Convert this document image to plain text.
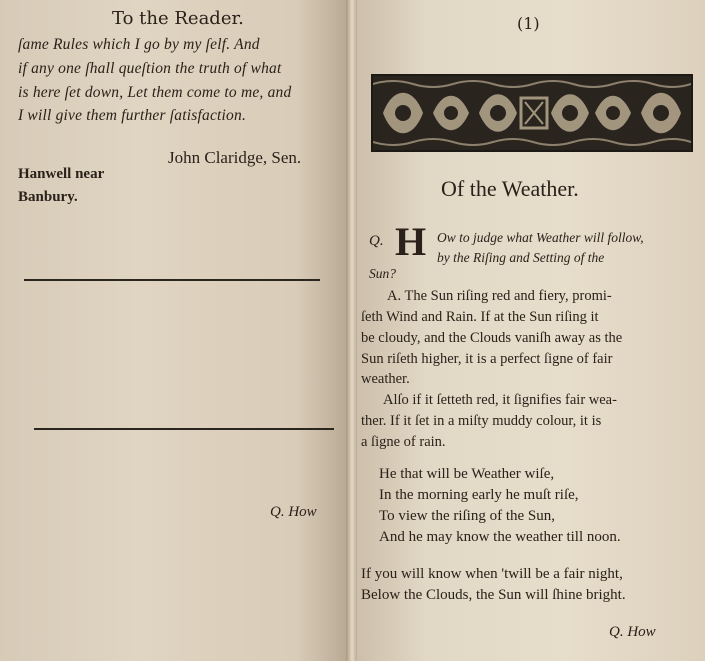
To the Reader.

ſame Rules which I go by my ſelf. And

if any one ſhall queſtion the truth of what

is here ſet down, Let them come to me, and

I will give them further ſatisfaction.

John Claridge, Sen.

Hanwell near

Banbury.

Q. How

(1)

Of the Weather.

Q. H Ow to judge what Weather will follow,

by the Riſing and Setting of the

Sun?

A. The Sun riſing red and fiery, promi-

ſeth Wind and Rain. If at the Sun riſing it

be cloudy, and the Clouds vaniſh away as the

Sun riſeth higher, it is a perfect ſigne of fair

weather.

Alſo if it ſetteth red, it ſignifies fair wea-

ther. If it ſet in a miſty muddy colour, it is

a ſigne of rain.

He that will be Weather wiſe,

In the morning early he muſt riſe,

To view the riſing of the Sun,

And he may know the weather till noon.

If you will know when 'twill be a fair night,

Below the Clouds, the Sun will ſhine bright.

Q. How
